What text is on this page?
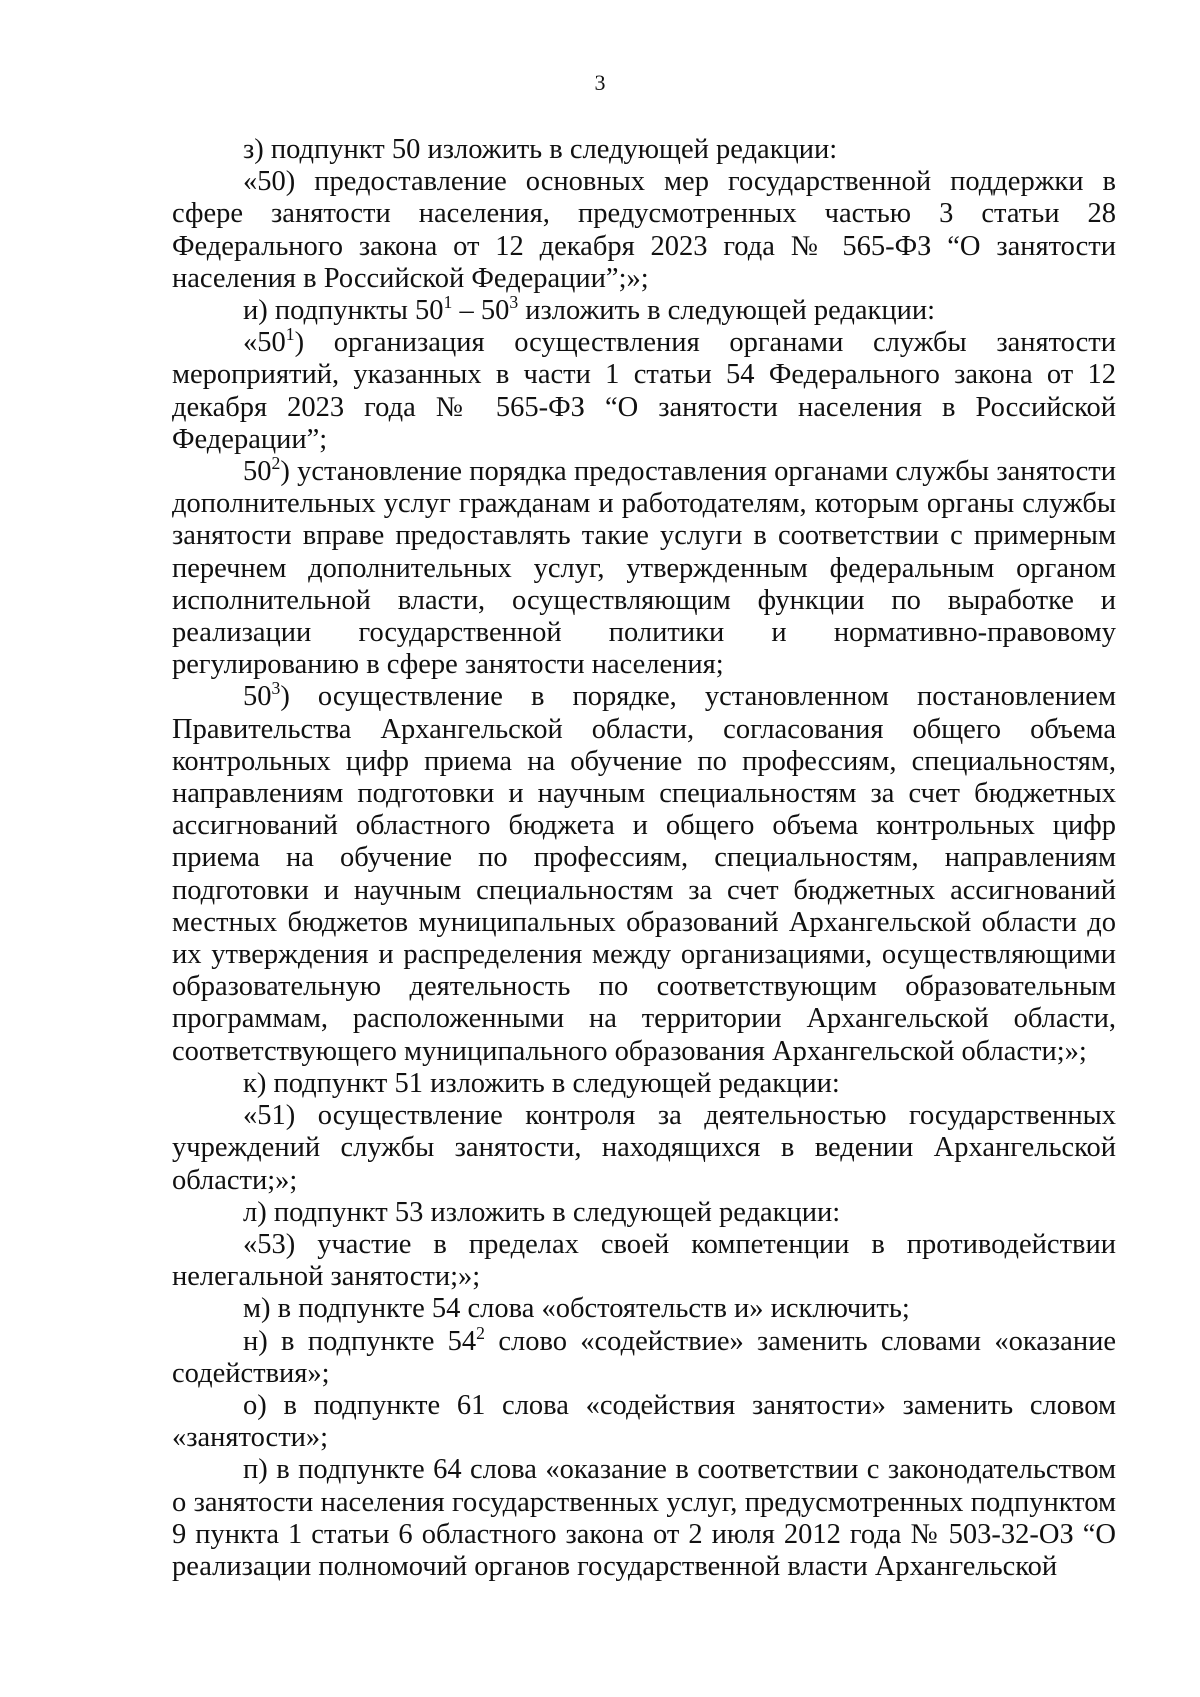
3

з) подпункт 50 изложить в следующей редакции:

«50) предоставление основных мер государственной поддержки в сфере занятости населения, предусмотренных частью 3 статьи 28 Федерального закона от 12 декабря 2023 года № 565-ФЗ “О занятости населения в Российской Федерации”;»;

и) подпункты $50^1 - 50^3$ изложить в следующей редакции:

«$50^1$) организация осуществления органами службы занятости мероприятий, указанных в части 1 статьи 54 Федерального закона от 12 декабря 2023 года № 565-ФЗ “О занятости населения в Российской Федерации”;

$50^2$) установление порядка предоставления органами службы занятости дополнительных услуг гражданам и работодателям, которым органы службы занятости вправе предоставлять такие услуги в соответствии с примерным перечнем дополнительных услуг, утвержденным федеральным органом исполнительной власти, осуществляющим функции по выработке и реализации государственной политики и нормативно-правовому регулированию в сфере занятости населения;

$50^3$) осуществление в порядке, установленном постановлением Правительства Архангельской области, согласования общего объема контрольных цифр приема на обучение по профессиям, специальностям, направлениям подготовки и научным специальностям за счет бюджетных ассигнований областного бюджета и общего объема контрольных цифр приема на обучение по профессиям, специальностям, направлениям подготовки и научным специальностям за счет бюджетных ассигнований местных бюджетов муниципальных образований Архангельской области до их утверждения и распределения между организациями, осуществляющими образовательную деятельность по соответствующим образовательным программам, расположенными на территории Архангельской области, соответствующего муниципального образования Архангельской области;»;

к) подпункт 51 изложить в следующей редакции:

«51) осуществление контроля за деятельностью государственных учреждений службы занятости, находящихся в ведении Архангельской области;»;

л) подпункт 53 изложить в следующей редакции:

«53) участие в пределах своей компетенции в противодействии нелегальной занятости;»;

м) в подпункте 54 слова «обстоятельств и» исключить;

н) в подпункте $54^2$ слово «содействие» заменить словами «оказание содействия»;

о) в подпункте 61 слова «содействия занятости» заменить словом «занятости»;

п) в подпункте 64 слова «оказание в соответствии с законодательством о занятости населения государственных услуг, предусмотренных подпунктом 9 пункта 1 статьи 6 областного закона от 2 июля 2012 года № 503-32-ОЗ “О реализации полномочий органов государственной власти Архангельской
